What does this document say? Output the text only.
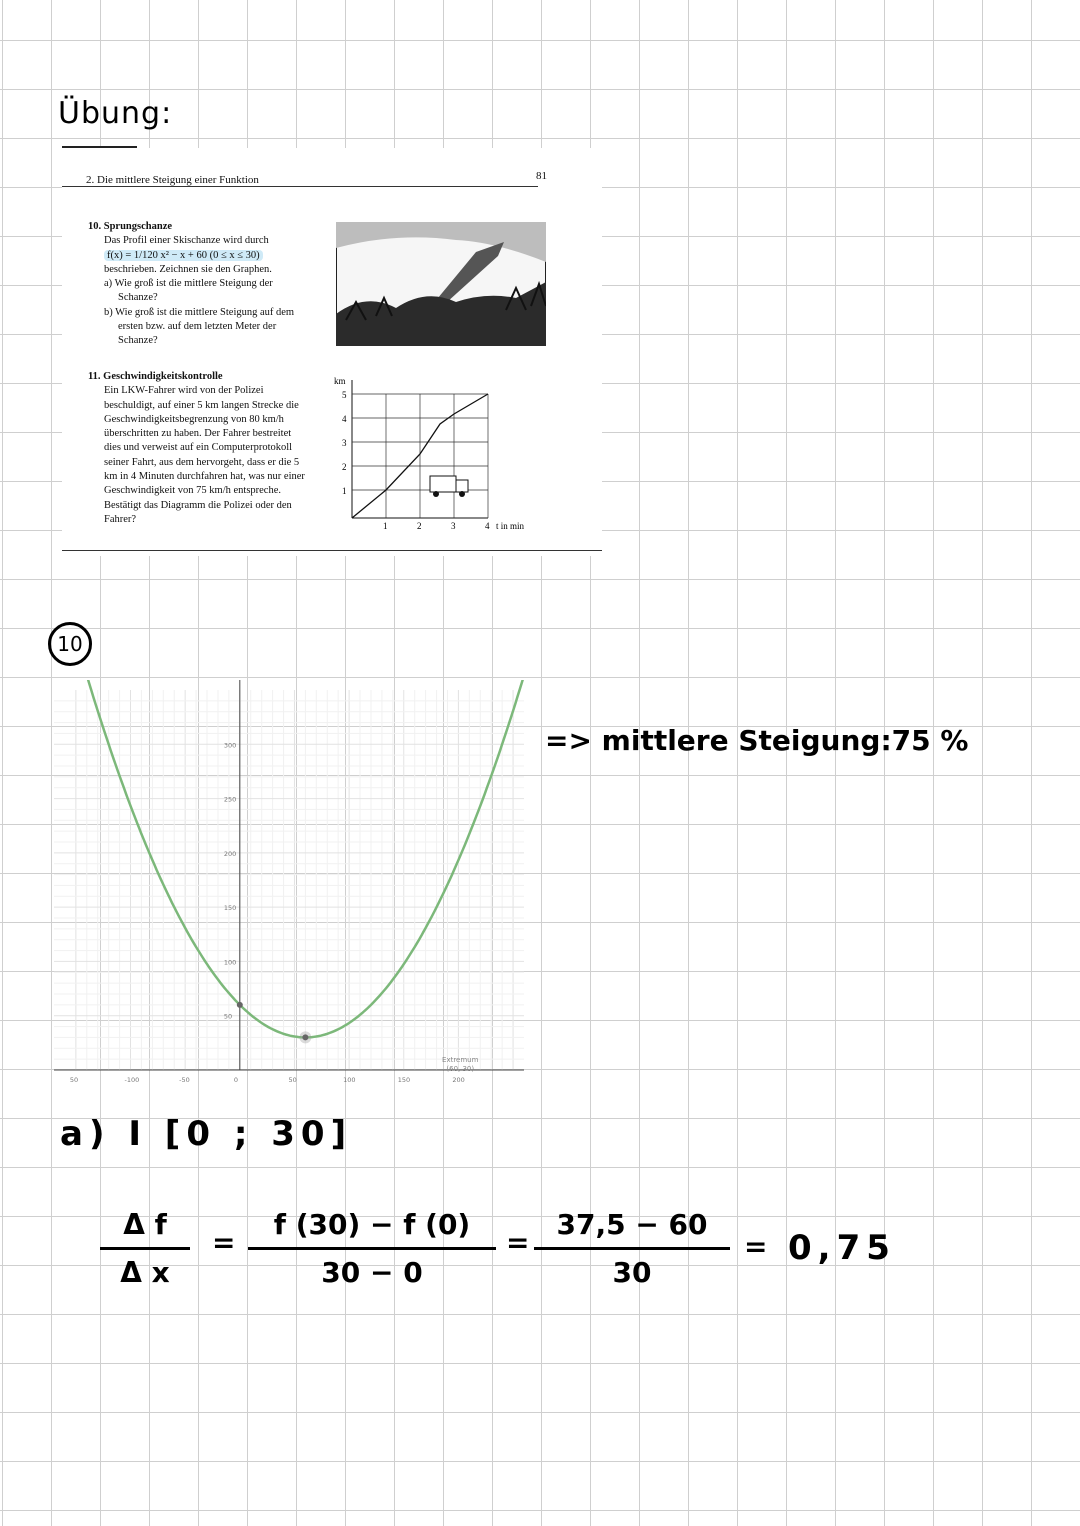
Übung:
2. Die mittlere Steigung einer Funktion	81
10. Sprungschanze
Das Profil einer Skischanze wird durch
f(x) = 1/120 x² − x + 60 (0 ≤ x ≤ 30)
beschrieben. Zeichnen sie den Graphen.
a) Wie groß ist die mittlere Steigung der Schanze?
b) Wie groß ist die mittlere Steigung auf dem ersten bzw. auf dem letzten Meter der Schanze?
11. Geschwindigkeitskontrolle
Ein LKW-Fahrer wird von der Polizei beschuldigt, auf einer 5 km langen Strecke die Geschwindigkeitsbegrenzung von 80 km/h überschritten zu haben. Der Fahrer bestreitet dies und verweist auf ein Computerprotokoll seiner Fahrt, aus dem hervorgeht, dass er die 5 km in 4 Minuten durchfahren hat, was nur einer Geschwindigkeit von 75 km/h entspreche. Bestätigt das Diagramm die Polizei oder den Fahrer?
km
5
4
3
2
1
1	2	3	4 t in min
10
50	-100	-50	0	50	100	150	200
300
250
200
150
100
50
Extremum
(60, 30)
=> mittlere Steigung:75 %
a) I [0 ; 30]
Δ f
Δ x
=
f (30) − f (0)
30 − 0
=
37,5 − 60
30
= 0,75
